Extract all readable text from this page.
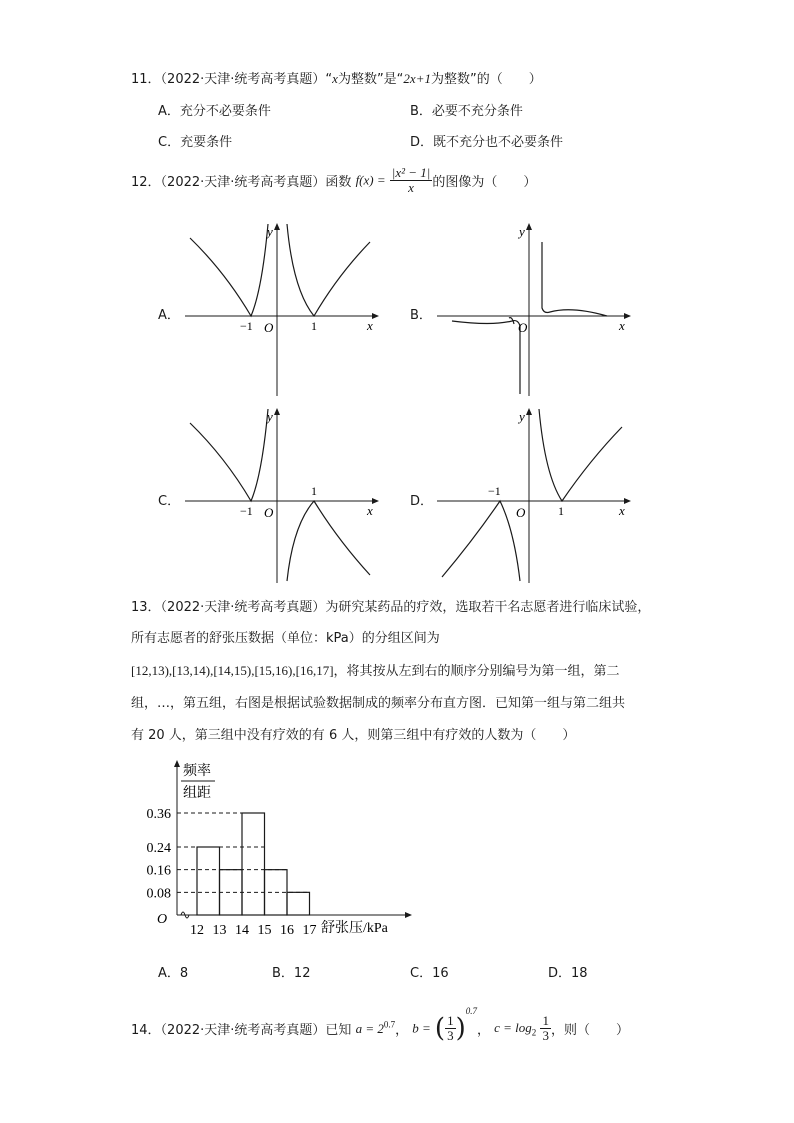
11．（2022·天津·统考高考真题）“x为整数”是“2x+1为整数”的（　　）
A．充分不必要条件	B．必要不充分条件
C．充要条件	D．既不充分也不必要条件
12．（2022·天津·统考高考真题）函数 $f(x) = \frac{\text{|x² − 1|}}{x}$ 的图像为（　　）
A．	B．
C．	D．
y
x
O
−1	1
y
x
O
y
x
O
−1
1
y
x
O
−1
1
13．（2022·天津·统考高考真题）为研究某药品的疗效，选取若干名志愿者进行临床试验，
所有志愿者的舒张压数据（单位：kPa）的分组区间为
[12,13),[13,14),[14,15),[15,16),[16,17]，将其按从左到右的顺序分别编号为第一组，第二
组，…，第五组，右图是根据试验数据制成的频率分布直方图．已知第一组与第二组共
有 20 人，第三组中没有疗效的有 6 人，则第三组中有疗效的人数为（　　）
频率
组距
O
舒张压/kPa
0.36
0.24
0.16
0.08
12 13 14 15 16 17
A．8	B．12	C．16	D．18
14．（2022·天津·统考高考真题）已知 $a = 2^{0.7}$， b = ( $\frac{1}{3} )^{0.7}$， $c = \log_2 \frac{1}{3}$ ，则（　　）
